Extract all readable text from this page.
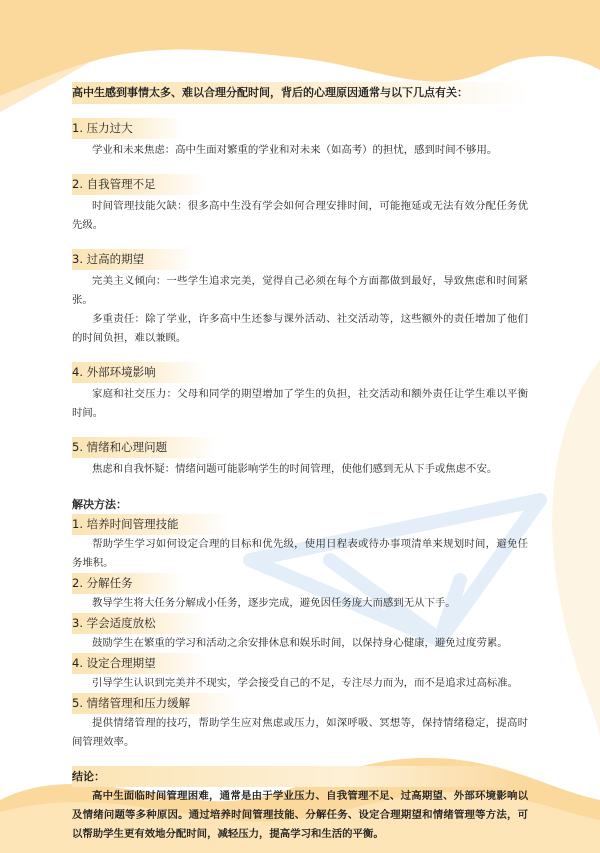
高中生感到事情太多、难以合理分配时间，背后的心理原因通常与以下几点有关：

1. 压力过大

学业和未来焦虑：高中生面对繁重的学业和对未来（如高考）的担忧，感到时间不够用。

2. 自我管理不足

时间管理技能欠缺：很多高中生没有学会如何合理安排时间，可能拖延或无法有效分配任务优先级。

3. 过高的期望

完美主义倾向：一些学生追求完美，觉得自己必须在每个方面都做到最好，导致焦虑和时间紧张。

多重责任：除了学业，许多高中生还参与课外活动、社交活动等，这些额外的责任增加了他们的时间负担，难以兼顾。

4. 外部环境影响

家庭和社交压力：父母和同学的期望增加了学生的负担，社交活动和额外责任让学生难以平衡时间。

5. 情绪和心理问题

焦虑和自我怀疑：情绪问题可能影响学生的时间管理，使他们感到无从下手或焦虑不安。

解决方法：

1. 培养时间管理技能

帮助学生学习如何设定合理的目标和优先级，使用日程表或待办事项清单来规划时间，避免任务堆积。

2. 分解任务

教导学生将大任务分解成小任务，逐步完成，避免因任务庞大而感到无从下手。

3. 学会适度放松

鼓励学生在繁重的学习和活动之余安排休息和娱乐时间，以保持身心健康，避免过度劳累。

4. 设定合理期望

引导学生认识到完美并不现实，学会接受自己的不足，专注尽力而为，而不是追求过高标准。

5. 情绪管理和压力缓解

提供情绪管理的技巧，帮助学生应对焦虑或压力，如深呼吸、冥想等，保持情绪稳定，提高时间管理效率。

结论：

高中生面临时间管理困难，通常是由于学业压力、自我管理不足、过高期望、外部环境影响以及情绪问题等多种原因。通过培养时间管理技能、分解任务、设定合理期望和情绪管理等方法，可以帮助学生更有效地分配时间，减轻压力，提高学习和生活的平衡。
